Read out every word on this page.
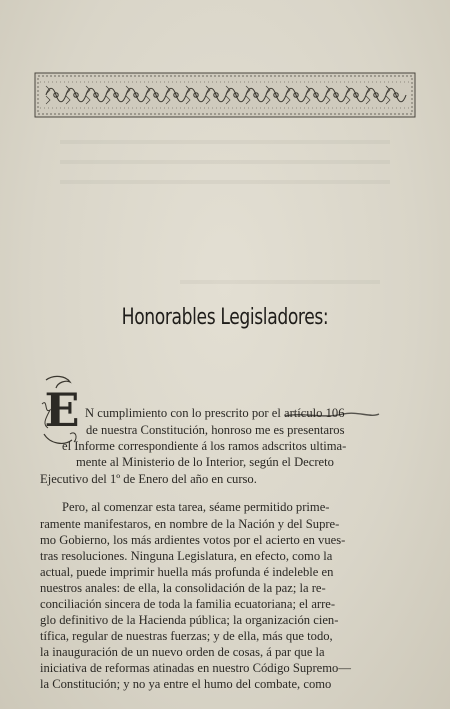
Honorables Legisladores:
E N cumplimiento con lo prescrito por el artículo 106

de nuestra Constitución, honroso me es presentaros

el Informe correspondiente á los ramos adscritos ultima-

mente al Ministerio de lo Interior, según el Decreto

Ejecutivo del 1º de Enero del año en curso.

Pero, al comenzar esta tarea, séame permitido prime-

ramente manifestaros, en nombre de la Nación y del Supre-

mo Gobierno, los más ardientes votos por el acierto en vues-

tras resoluciones. Ninguna Legislatura, en efecto, como la

actual, puede imprimir huella más profunda é indeleble en

nuestros anales: de ella, la consolidación de la paz; la re-

conciliación sincera de toda la familia ecuatoriana; el arre-

glo definitivo de la Hacienda pública; la organización cien-

tífica, regular de nuestras fuerzas; y de ella, más que todo,

la inauguración de un nuevo orden de cosas, á par que la

iniciativa de reformas atinadas en nuestro Código Supremo—

la Constitución; y no ya entre el humo del combate, como
